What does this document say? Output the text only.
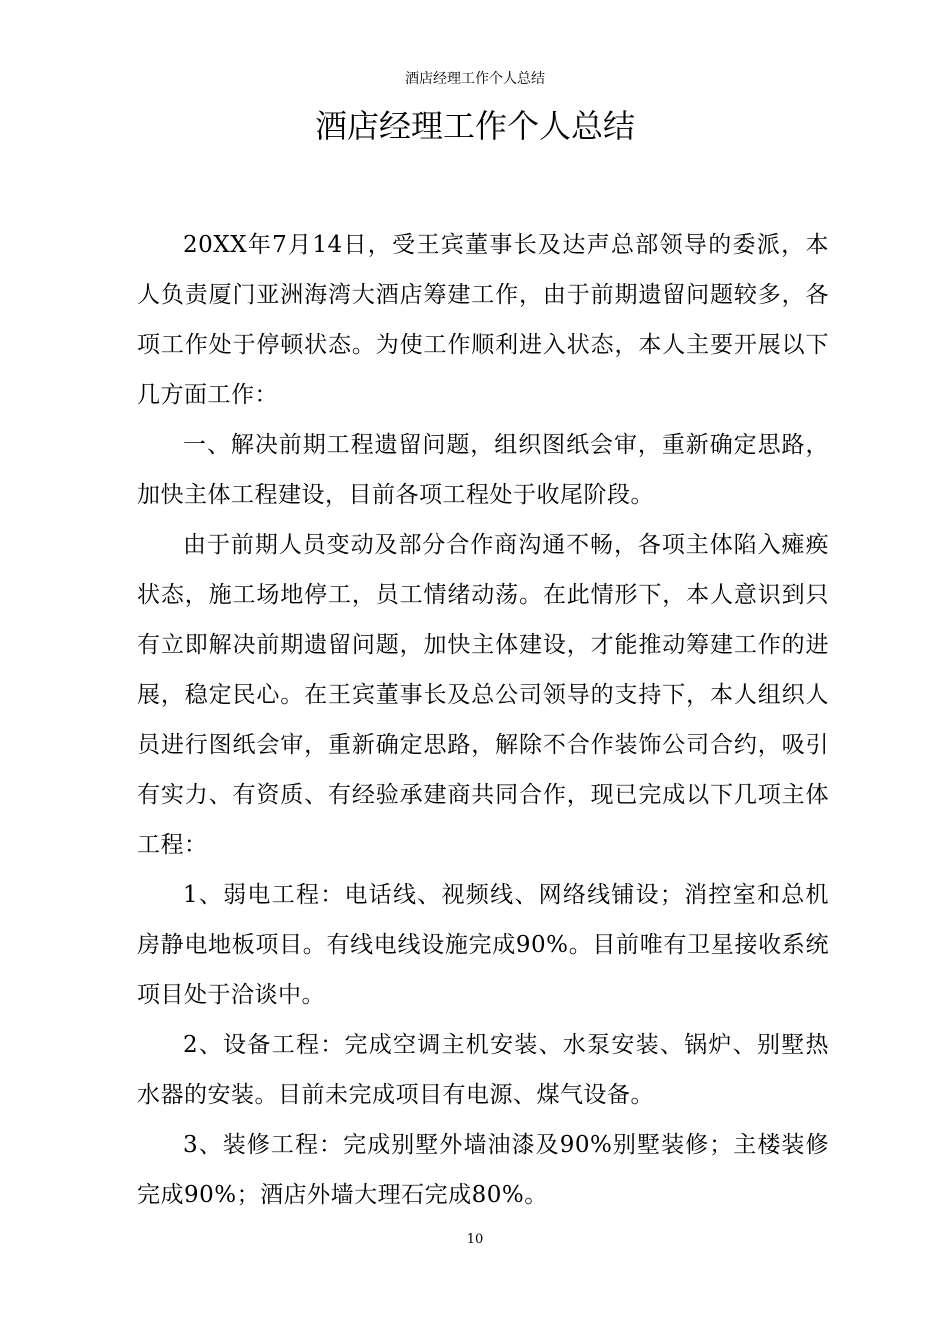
酒店经理工作个人总结
酒店经理工作个人总结

20XX年7月14日，受王宾董事长及达声总部领导的委派，本人负责厦门亚洲海湾大酒店筹建工作，由于前期遗留问题较多，各项工作处于停顿状态。为使工作顺利进入状态，本人主要开展以下几方面工作：

一、解决前期工程遗留问题，组织图纸会审，重新确定思路，加快主体工程建设，目前各项工程处于收尾阶段。

由于前期人员变动及部分合作商沟通不畅，各项主体陷入瘫痪状态，施工场地停工，员工情绪动荡。在此情形下，本人意识到只有立即解决前期遗留问题，加快主体建设，才能推动筹建工作的进展，稳定民心。在王宾董事长及总公司领导的支持下，本人组织人员进行图纸会审，重新确定思路，解除不合作装饰公司合约，吸引有实力、有资质、有经验承建商共同合作，现已完成以下几项主体工程：

1、弱电工程：电话线、视频线、网络线铺设；消控室和总机房静电地板项目。有线电线设施完成90%。目前唯有卫星接收系统项目处于洽谈中。

2、设备工程：完成空调主机安装、水泵安装、锅炉、别墅热水器的安装。目前未完成项目有电源、煤气设备。

3、装修工程：完成别墅外墙油漆及90%别墅装修；主楼装修完成90%；酒店外墙大理石完成80%。

10
